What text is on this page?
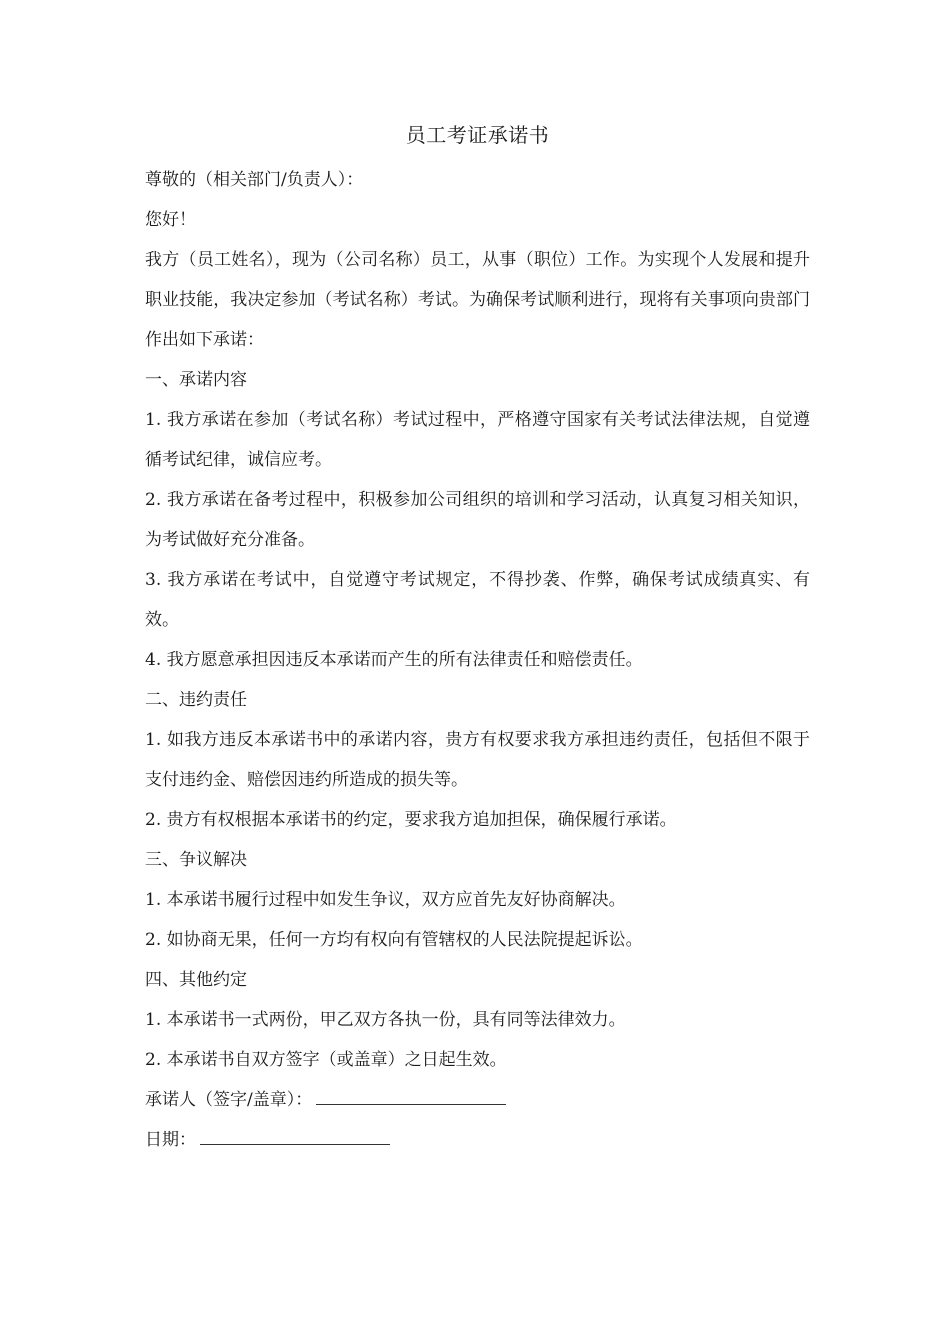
员工考证承诺书

尊敬的（相关部门/负责人）：

您好！

我方（员工姓名），现为（公司名称）员工，从事（职位）工作。为实现个人发展和提升职业技能，我决定参加（考试名称）考试。为确保考试顺利进行，现将有关事项向贵部门作出如下承诺：

一、承诺内容

1. 我方承诺在参加（考试名称）考试过程中，严格遵守国家有关考试法律法规，自觉遵循考试纪律，诚信应考。

2. 我方承诺在备考过程中，积极参加公司组织的培训和学习活动，认真复习相关知识，为考试做好充分准备。

3. 我方承诺在考试中，自觉遵守考试规定，不得抄袭、作弊，确保考试成绩真实、有效。

4. 我方愿意承担因违反本承诺而产生的所有法律责任和赔偿责任。

二、违约责任

1. 如我方违反本承诺书中的承诺内容，贵方有权要求我方承担违约责任，包括但不限于支付违约金、赔偿因违约所造成的损失等。

2. 贵方有权根据本承诺书的约定，要求我方追加担保，确保履行承诺。

三、争议解决

1. 本承诺书履行过程中如发生争议，双方应首先友好协商解决。

2. 如协商无果，任何一方均有权向有管辖权的人民法院提起诉讼。

四、其他约定

1. 本承诺书一式两份，甲乙双方各执一份，具有同等法律效力。

2. 本承诺书自双方签字（或盖章）之日起生效。

承诺人（签字/盖章）：

日期：
